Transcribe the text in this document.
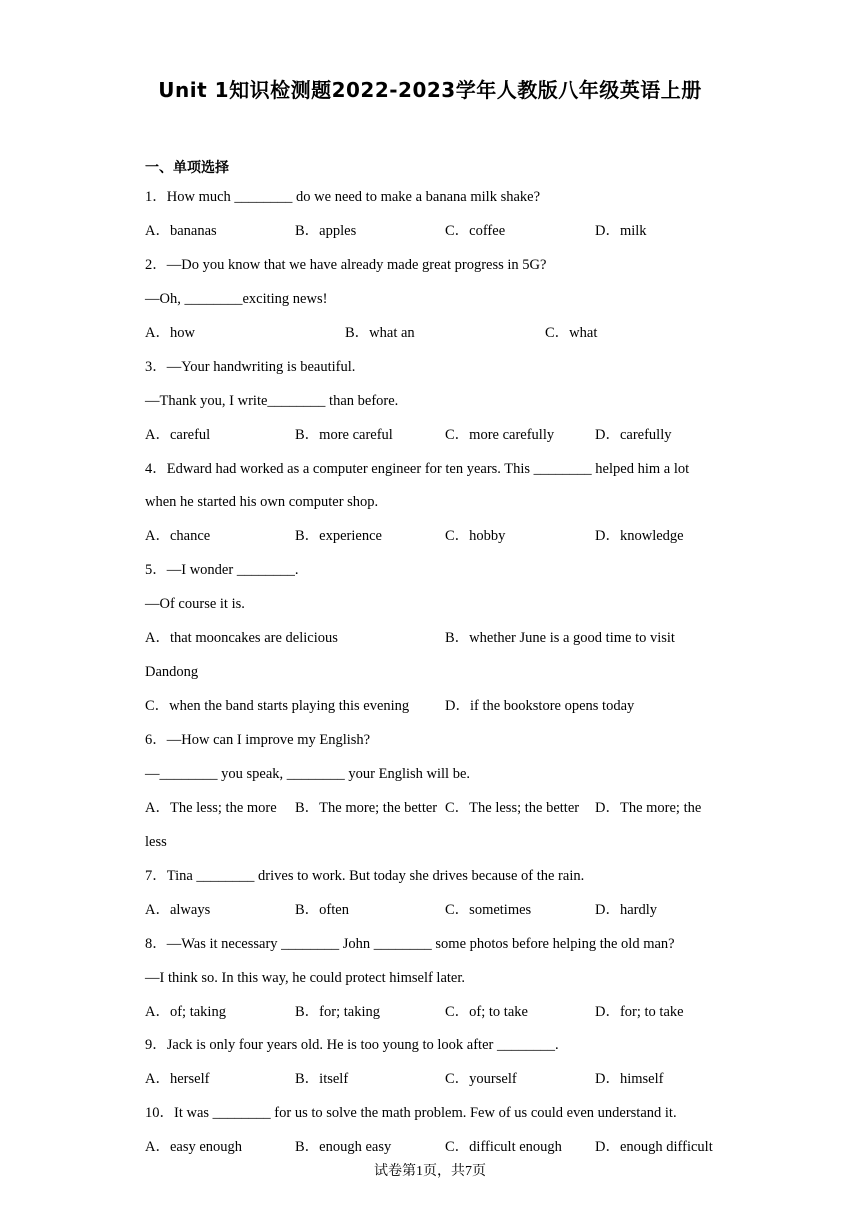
Unit 1知识检测题2022-2023学年人教版八年级英语上册
一、单项选择
1．How much ________ do we need to make a banana milk shake?
A．bananas	B．apples	C．coffee	D．milk
2．—Do you know that we have already made great progress in 5G?
—Oh, ________exciting news!
A．how	B．what an	C．what
3．—Your handwriting is beautiful.
—Thank you, I write________ than before.
A．careful	B．more careful	C．more carefully	D．carefully
4．Edward had worked as a computer engineer for ten years. This ________ helped him a lot
when he started his own computer shop.
A．chance	B．experience	C．hobby	D．knowledge
5．—I wonder ________.
—Of course it is.
A．that mooncakes are delicious	B．whether June is a good time to visit
Dandong
C．when the band starts playing this evening D．if the bookstore opens today
6．—How can I improve my English?
—________ you speak, ________ your English will be.
A．The less; the more B．The more; the better C．The less; the better D．The more; the
less
7．Tina ________ drives to work. But today she drives because of the rain.
A．always	B．often	C．sometimes	D．hardly
8．—Was it necessary ________ John ________ some photos before helping the old man?
—I think so. In this way, he could protect himself later.
A．of; taking	B．for; taking	C．of; to take	D．for; to take
9．Jack is only four years old. He is too young to look after ________.
A．herself	B．itself	C．yourself	D．himself
10．It was ________ for us to solve the math problem. Few of us could even understand it.
A．easy enough	B．enough easy	C．difficult enough D．enough difficult
试卷第1页，共7页
